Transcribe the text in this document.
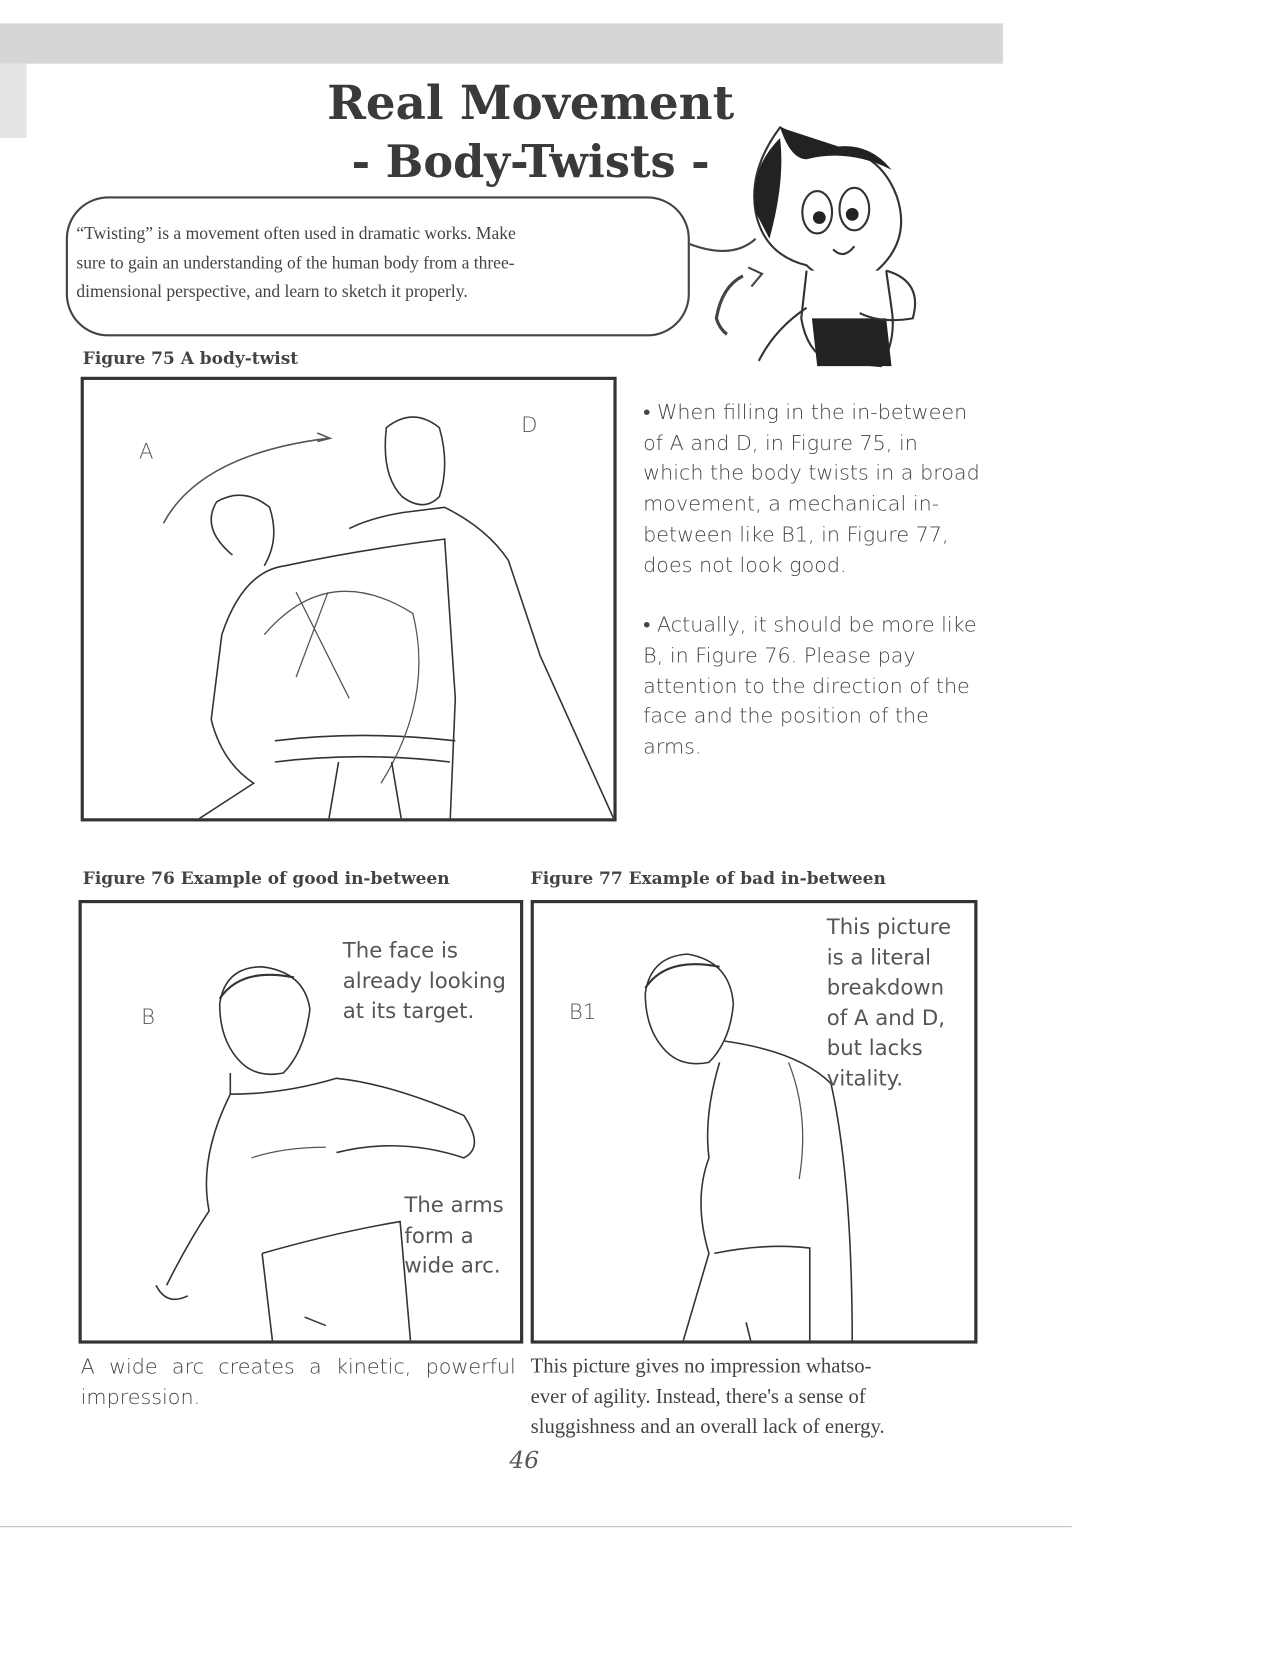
Real Movement
- Body-Twists -
“Twisting” is a movement often used in dramatic works. Make
sure to gain an understanding of the human body from a three-
dimensional perspective, and learn to sketch it properly.
Figure 75 A body-twist
A
D	• When filling in the in-between
of A and D, in Figure 75, in
which the body twists in a broad
movement, a mechanical in-
between like B1, in Figure 77,
does not look good.
• Actually, it should be more like
B, in Figure 76. Please pay
attention to the direction of the
face and the position of the
arms.
Figure 76 Example of good in-between	Figure 77 Example of bad in-between
B
The face is
already looking
at its target.
The arms
form a
wide arc.
B1
This picture
is a literal
breakdown
of A and D,
but lacks
vitality.
A wide arc creates a kinetic, powerful
impression.
This picture gives no impression whatso-
ever of agility. Instead, there's a sense of
sluggishness and an overall lack of energy.
46
